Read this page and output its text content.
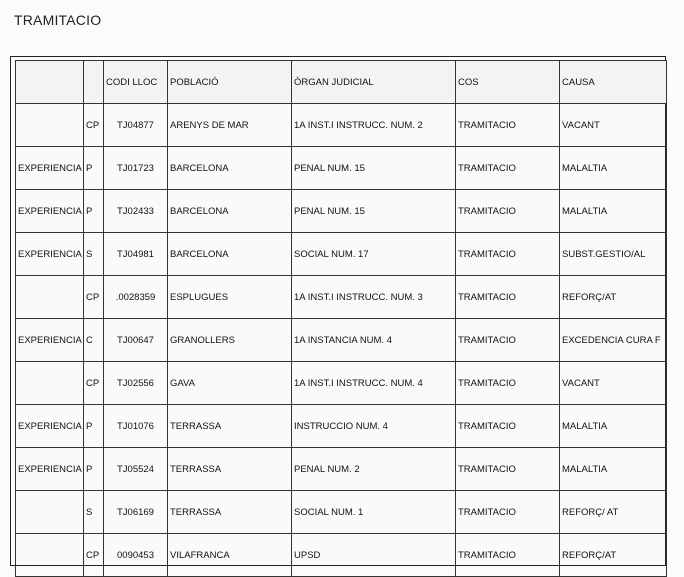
TRAMITACIO
		CODI LLOC	POBLACIÓ	ÒRGAN JUDICIAL	COS	CAUSA
	CP	TJ04877	ARENYS DE MAR	1A INST.I INSTRUCC. NUM. 2	TRAMITACIO	VACANT
EXPERIENCIA	P	TJ01723	BARCELONA	PENAL NUM. 15	TRAMITACIO	MALALTIA
EXPERIENCIA	P	TJ02433	BARCELONA	PENAL NUM. 15	TRAMITACIO	MALALTIA
EXPERIENCIA	S	TJ04981	BARCELONA	SOCIAL NUM. 17	TRAMITACIO	SUBST.GESTIO/AL
	CP	.0028359	ESPLUGUES	1A INST.I INSTRUCC. NUM. 3	TRAMITACIO	REFORÇ/AT
EXPERIENCIA	C	TJ00647	GRANOLLERS	1A INSTANCIA NUM. 4	TRAMITACIO	EXCEDENCIA CURA F
	CP	TJ02556	GAVA	1A INST.I INSTRUCC. NUM. 4	TRAMITACIO	VACANT
EXPERIENCIA	P	TJ01076	TERRASSA	INSTRUCCIO NUM. 4	TRAMITACIO	MALALTIA
EXPERIENCIA	P	TJ05524	TERRASSA	PENAL NUM. 2	TRAMITACIO	MALALTIA
	S	TJ06169	TERRASSA	SOCIAL NUM. 1	TRAMITACIO	REFORÇ/ AT
	CP	0090453	VILAFRANCA	UPSD	TRAMITACIO	REFORÇ/AT
